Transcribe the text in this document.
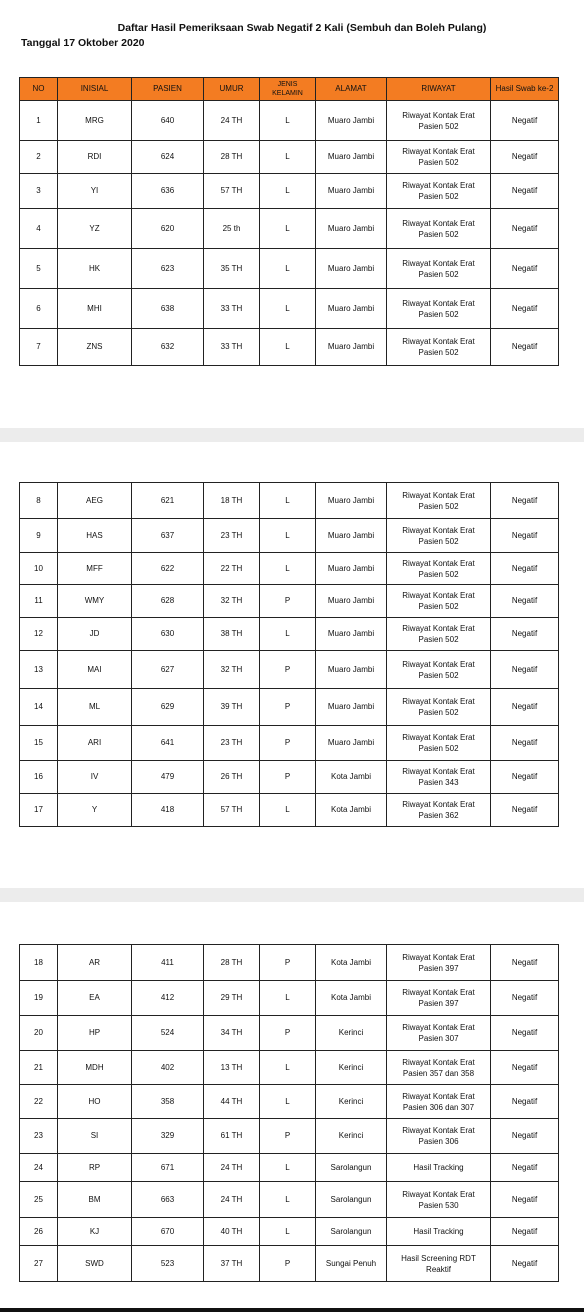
Daftar Hasil Pemeriksaan Swab Negatif 2 Kali (Sembuh dan Boleh Pulang)
Tanggal 17 Oktober 2020
NO	INISIAL	PASIEN	UMUR	JENIS KELAMIN	ALAMAT	RIWAYAT	Hasil Swab ke-2
1	MRG	640	24 TH	L	Muaro Jambi	Riwayat Kontak Erat
Pasien 502	Negatif
2	RDI	624	28 TH	L	Muaro Jambi	Riwayat Kontak Erat
Pasien 502	Negatif
3	YI	636	57 TH	L	Muaro Jambi	Riwayat Kontak Erat
Pasien 502	Negatif
4	YZ	620	25 th	L	Muaro Jambi	Riwayat Kontak Erat
Pasien 502	Negatif
5	HK	623	35 TH	L	Muaro Jambi	Riwayat Kontak Erat
Pasien 502	Negatif
6	MHI	638	33 TH	L	Muaro Jambi	Riwayat Kontak Erat
Pasien 502	Negatif
7	ZNS	632	33 TH	L	Muaro Jambi	Riwayat Kontak Erat
Pasien 502	Negatif
8	AEG	621	18 TH	L	Muaro Jambi	Riwayat Kontak Erat
Pasien 502	Negatif
9	HAS	637	23 TH	L	Muaro Jambi	Riwayat Kontak Erat
Pasien 502	Negatif
10	MFF	622	22 TH	L	Muaro Jambi	Riwayat Kontak Erat
Pasien 502	Negatif
11	WMY	628	32 TH	P	Muaro Jambi	Riwayat Kontak Erat
Pasien 502	Negatif
12	JD	630	38 TH	L	Muaro Jambi	Riwayat Kontak Erat
Pasien 502	Negatif
13	MAI	627	32 TH	P	Muaro Jambi	Riwayat Kontak Erat
Pasien 502	Negatif
14	ML	629	39 TH	P	Muaro Jambi	Riwayat Kontak Erat
Pasien 502	Negatif
15	ARI	641	23 TH	P	Muaro Jambi	Riwayat Kontak Erat
Pasien 502	Negatif
16	IV	479	26 TH	P	Kota Jambi	Riwayat Kontak Erat
Pasien 343	Negatif
17	Y	418	57 TH	L	Kota Jambi	Riwayat Kontak Erat
Pasien 362	Negatif
18	AR	411	28 TH	P	Kota Jambi	Riwayat Kontak Erat
Pasien 397	Negatif
19	EA	412	29 TH	L	Kota Jambi	Riwayat Kontak Erat
Pasien 397	Negatif
20	HP	524	34 TH	P	Kerinci	Riwayat Kontak Erat
Pasien 307	Negatif
21	MDH	402	13 TH	L	Kerinci	Riwayat Kontak Erat
Pasien 357 dan 358	Negatif
22	HO	358	44 TH	L	Kerinci	Riwayat Kontak Erat
Pasien 306 dan 307	Negatif
23	SI	329	61 TH	P	Kerinci	Riwayat Kontak Erat
Pasien 306	Negatif
24	RP	671	24 TH	L	Sarolangun	Hasil Tracking	Negatif
25	BM	663	24 TH	L	Sarolangun	Riwayat Kontak Erat
Pasien 530	Negatif
26	KJ	670	40 TH	L	Sarolangun	Hasil Tracking	Negatif
27	SWD	523	37 TH	P	Sungai Penuh	Hasil Screening RDT
Reaktif	Negatif
